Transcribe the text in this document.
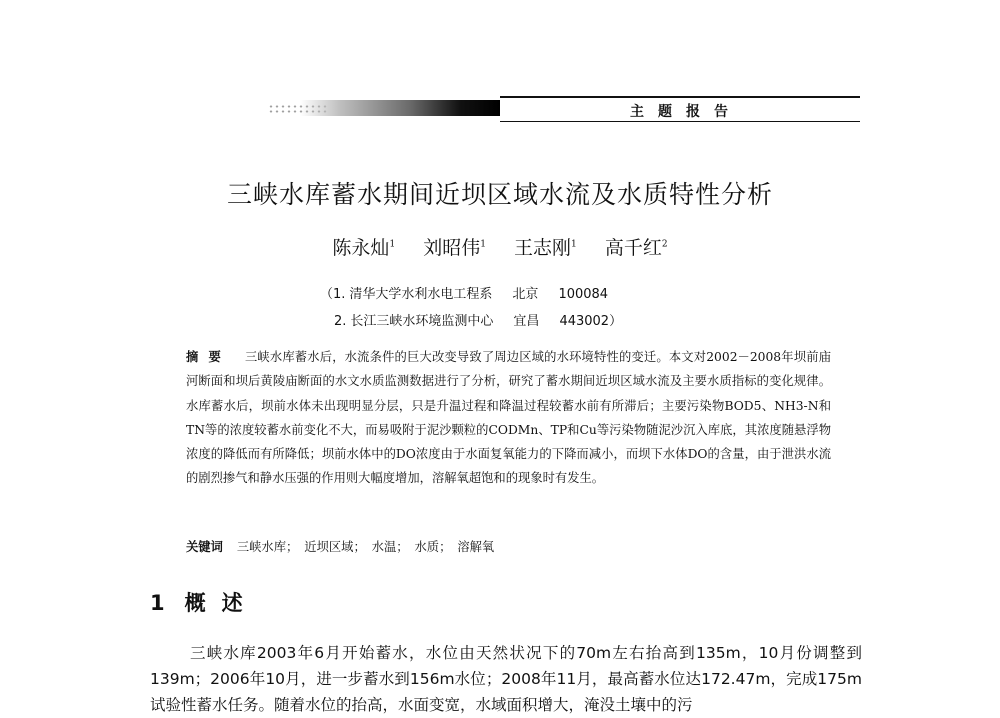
主题报告
三峡水库蓄水期间近坝区域水流及水质特性分析
陈永灿$^1$ 刘昭伟$^1$ 王志刚$^1$ 高千红$^2$
（1. 清华大学水利水电工程系 北京 100084
2. 长江三峡水环境监测中心 宜昌 443002）
摘要 三峡水库蓄水后，水流条件的巨大改变导致了周边区域的水环境特性的变迁。本文对2002－2008年坝前庙河断面和坝后黄陵庙断面的水文水质监测数据进行了分析，研究了蓄水期间近坝区域水流及主要水质指标的变化规律。水库蓄水后，坝前水体未出现明显分层，只是升温过程和降温过程较蓄水前有所滞后；主要污染物BOD5、NH3-N和TN等的浓度较蓄水前变化不大，而易吸附于泥沙颗粒的CODMn、TP和Cu等污染物随泥沙沉入库底，其浓度随悬浮物浓度的降低而有所降低；坝前水体中的DO浓度由于水面复氧能力的下降而减小，而坝下水体DO的含量，由于泄洪水流的剧烈掺气和静水压强的作用则大幅度增加，溶解氧超饱和的现象时有发生。
关键词 三峡水库； 近坝区域； 水温； 水质； 溶解氧
1 概述
三峡水库2003年6月开始蓄水，水位由天然状况下的70m左右抬高到135m，10月份调整到139m；2006年10月，进一步蓄水到156m水位；2008年11月，最高蓄水位达172.47m，完成175m试验性蓄水任务。随着水位的抬高，水面变宽，水域面积增大，淹没土壤中的污
